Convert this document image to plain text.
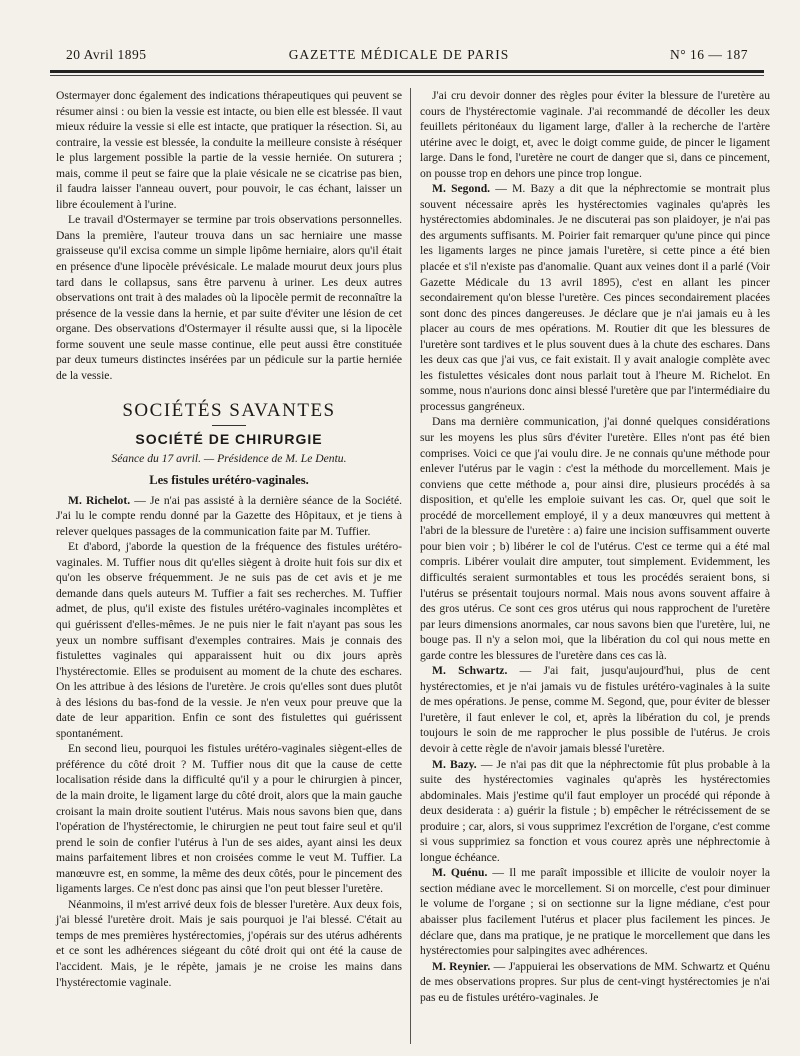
20 Avril 1895	GAZETTE MÉDICALE DE PARIS	N° 16 — 187

Ostermayer donc également des indications thérapeutiques qui peuvent se résumer ainsi : ou bien la vessie est intacte, ou bien elle est blessée. Il vaut mieux réduire la vessie si elle est intacte, que pratiquer la résection. Si, au contraire, la vessie est blessée, la conduite la meilleure consiste à réséquer le plus largement possible la partie de la vessie herniée. On suturera ; mais, comme il peut se faire que la plaie vésicale ne se cicatrise pas bien, il faudra laisser l'anneau ouvert, pour pouvoir, le cas échant, laisser un libre écoulement à l'urine.

Le travail d'Ostermayer se termine par trois observations personnelles. Dans la première, l'auteur trouva dans un sac herniaire une masse graisseuse qu'il excisa comme un simple lipôme herniaire, alors qu'il était en présence d'une lipocèle prévésicale. Le malade mourut deux jours plus tard dans le collapsus, sans être parvenu à uriner. Les deux autres observations ont trait à des malades où la lipocèle permit de reconnaître la présence de la vessie dans la hernie, et par suite d'éviter une lésion de cet organe. Des observations d'Ostermayer il résulte aussi que, si la lipocèle forme souvent une seule masse continue, elle peut aussi être constituée par deux tumeurs distinctes insérées par un pédicule sur la partie herniée de la vessie.

SOCIÉTÉS SAVANTES
SOCIÉTÉ DE CHIRURGIE
Séance du 17 avril. — Présidence de M. Le Dentu.
Les fistules urétéro-vaginales.

M. Richelot. — Je n'ai pas assisté à la dernière séance de la Société. J'ai lu le compte rendu donné par la Gazette des Hôpitaux, et je tiens à relever quelques passages de la communication faite par M. Tuffier.

Et d'abord, j'aborde la question de la fréquence des fistules urétéro-vaginales. M. Tuffier nous dit qu'elles siègent à droite huit fois sur dix et qu'on les observe fréquemment. Je ne suis pas de cet avis et je me demande dans quels auteurs M. Tuffier a fait ses recherches. M. Tuffier admet, de plus, qu'il existe des fistules urétéro-vaginales incomplètes et qui guérissent d'elles-mêmes. Je ne puis nier le fait n'ayant pas sous les yeux un nombre suffisant d'exemples contraires. Mais je connais des fistulettes vaginales qui apparaissent huit ou dix jours après l'hystérectomie. Elles se produisent au moment de la chute des eschares. On les attribue à des lésions de l'uretère. Je crois qu'elles sont dues plutôt à des lésions du bas-fond de la vessie. Je n'en veux pour preuve que la date de leur apparition. Enfin ce sont des fistulettes qui guérissent spontanément.

En second lieu, pourquoi les fistules urétéro-vaginales siègent-elles de préférence du côté droit ? M. Tuffier nous dit que la cause de cette localisation réside dans la difficulté qu'il y a pour le chirurgien à pincer, de la main droite, le ligament large du côté droit, alors que la main gauche croisant la main droite soutient l'utérus. Mais nous savons bien que, dans l'opération de l'hystérectomie, le chirurgien ne peut tout faire seul et qu'il prend le soin de confier l'utérus à l'un de ses aides, ayant ainsi les deux mains parfaitement libres et non croisées comme le veut M. Tuffier. La manœuvre est, en somme, la même des deux côtés, pour le pincement des ligaments larges. Ce n'est donc pas ainsi que l'on peut blesser l'uretère.

Néanmoins, il m'est arrivé deux fois de blesser l'uretère. Aux deux fois, j'ai blessé l'uretère droit. Mais je sais pourquoi je l'ai blessé. C'était au temps de mes premières hystérectomies, j'opérais sur des utérus adhérents et ce sont les adhérences siégeant du côté droit qui ont été la cause de l'accident. Mais, je le répète, jamais je ne croise les mains dans l'hystérectomie vaginale.

J'ai cru devoir donner des règles pour éviter la blessure de l'uretère au cours de l'hystérectomie vaginale. J'ai recommandé de décoller les deux feuillets péritonéaux du ligament large, d'aller à la recherche de l'artère utérine avec le doigt, et, avec le doigt comme guide, de pincer le ligament large. Dans le fond, l'uretère ne court de danger que si, dans ce pincement, on pousse trop en dehors une pince trop longue.

M. Segond. — M. Bazy a dit que la néphrectomie se montrait plus souvent nécessaire après les hystérectomies vaginales qu'après les hystérectomies abdominales. Je ne discuterai pas son plaidoyer, je n'ai pas des arguments suffisants. M. Poirier fait remarquer qu'une pince qui pince les ligaments larges ne pince jamais l'uretère, si cette pince a été bien placée et s'il n'existe pas d'anomalie. Quant aux veines dont il a parlé (Voir Gazette Médicale du 13 avril 1895), c'est en allant les pincer secondairement qu'on blesse l'uretère. Ces pinces secondairement placées sont donc des pinces dangereuses. Je déclare que je n'ai jamais eu à les placer au cours de mes opérations. M. Routier dit que les blessures de l'uretère sont tardives et le plus souvent dues à la chute des eschares. Dans les deux cas que j'ai vus, ce fait existait. Il y avait analogie complète avec les fistulettes vésicales dont nous parlait tout à l'heure M. Richelot. En somme, nous n'aurions donc ainsi blessé l'uretère que par l'intermédiaire du processus gangréneux.

Dans ma dernière communication, j'ai donné quelques considérations sur les moyens les plus sûrs d'éviter l'uretère. Elles n'ont pas été bien comprises. Voici ce que j'ai voulu dire. Je ne connais qu'une méthode pour enlever l'utérus par le vagin : c'est la méthode du morcellement. Mais je conviens que cette méthode a, pour ainsi dire, plusieurs procédés à sa disposition, et qu'elle les emploie suivant les cas. Or, quel que soit le procédé de morcellement employé, il y a deux manœuvres qui mettent à l'abri de la blessure de l'uretère : a) faire une incision suffisamment ouverte pour bien voir ; b) libérer le col de l'utérus. C'est ce terme qui a été mal compris. Libérer voulait dire amputer, tout simplement. Evidemment, les difficultés seraient surmontables et tous les procédés seraient bons, si l'utérus se présentait toujours normal. Mais nous avons souvent affaire à des gros utérus. Ce sont ces gros utérus qui nous rapprochent de l'uretère par leurs dimensions anormales, car nous savons bien que l'uretère, lui, ne bouge pas. Il n'y a selon moi, que la libération du col qui nous mette en garde contre les blessures de l'uretère dans ces cas là.

M. Schwartz. — J'ai fait, jusqu'aujourd'hui, plus de cent hystérectomies, et je n'ai jamais vu de fistules urétéro-vaginales à la suite de mes opérations. Je pense, comme M. Segond, que, pour éviter de blesser l'uretère, il faut enlever le col, et, après la libération du col, je prends toujours le soin de me rapprocher le plus possible de l'utérus. Je crois devoir à cette règle de n'avoir jamais blessé l'uretère.

M. Bazy. — Je n'ai pas dit que la néphrectomie fût plus probable à la suite des hystérectomies vaginales qu'après les hystérectomies abdominales. Mais j'estime qu'il faut employer un procédé qui réponde à deux desiderata : a) guérir la fistule ; b) empêcher le rétrécissement de se produire ; car, alors, si vous supprimez l'excrétion de l'organe, c'est comme si vous supprimiez sa fonction et vous courez après une néphrectomie à longue échéance.

M. Quénu. — Il me paraît impossible et illicite de vouloir noyer la section médiane avec le morcellement. Si on morcelle, c'est pour diminuer le volume de l'organe ; si on sectionne sur la ligne médiane, c'est pour abaisser plus facilement l'utérus et placer plus facilement les pinces. Je déclare que, dans ma pratique, je ne pratique le morcellement que dans les hystérectomies pour salpingites avec adhérences.

M. Reynier. — J'appuierai les observations de MM. Schwartz et Quénu de mes observations propres. Sur plus de cent-vingt hystérectomies je n'ai pas eu de fistules urétéro-vaginales. Je
